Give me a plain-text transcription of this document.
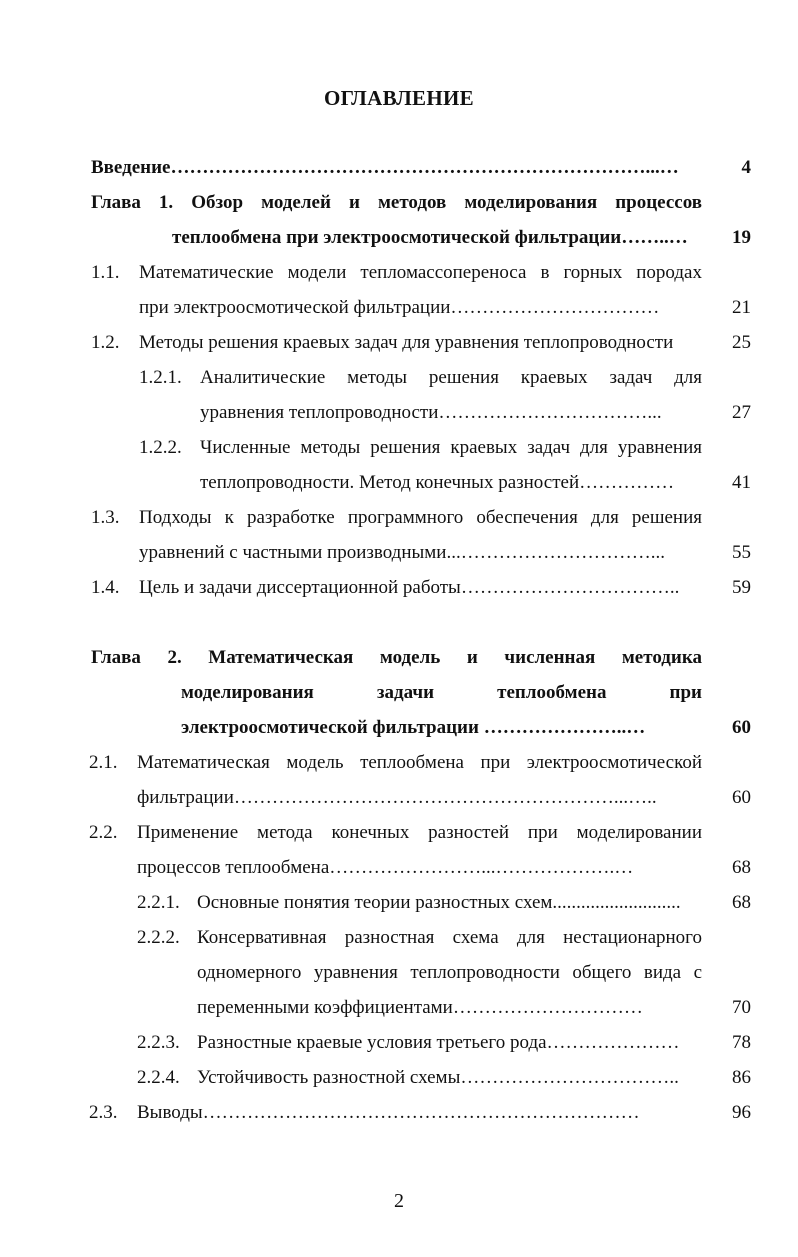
ОГЛАВЛЕНИЕ
Введение…………………………………………………………………...…	4
Глава 1. Обзор моделей и методов моделирования процессов
теплообмена при электроосмотической фильтрации……..…	19
1.1. Математические модели тепломассопереноса в горных породах
при электроосмотической фильтрации……………………………	21
1.2. Методы решения краевых задач для уравнения теплопроводности	25
1.2.1. Аналитические методы решения краевых задач для
уравнения теплопроводности……………………………...	27
1.2.2. Численные методы решения краевых задач для уравнения
теплопроводности. Метод конечных разностей……………	41
1.3. Подходы к разработке программного обеспечения для решения
уравнений с частными производными...…………………………...	55
1.4. Цель и задачи диссертационной работы……………………………..	59
Глава 2. Математическая модель и численная методика
моделирования задачи теплообмена при
электроосмотической фильтрации …………………..…	60
2.1. Математическая модель теплообмена при электроосмотической
фильтрации……………………………………………………...…..	60
2.2. Применение метода конечных разностей при моделировании
процессов теплообмена……………………...……………….…	68
2.2.1. Основные понятия теории разностных схем...........................	68
2.2.2. Консервативная разностная схема для нестационарного
одномерного уравнения теплопроводности общего вида с
переменными коэффициентами…………………………	70
2.2.3. Разностные краевые условия третьего рода…………………	78
2.2.4. Устойчивость разностной схемы……………………………..	86
2.3. Выводы……………………………………………………………	96
2
